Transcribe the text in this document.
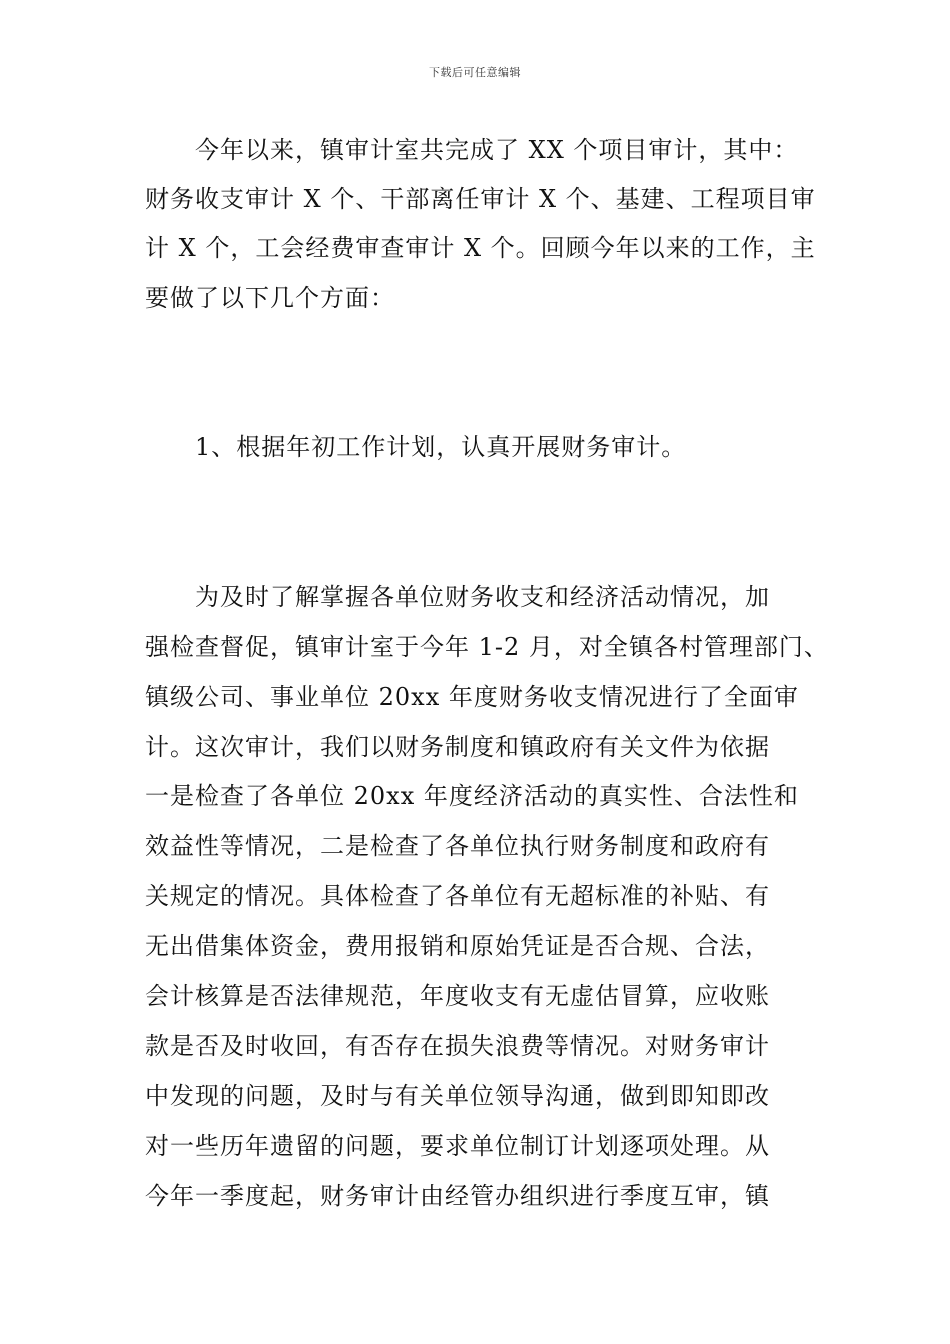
下载后可任意编辑
今年以来，镇审计室共完成了 XX 个项目审计，其中：
财务收支审计 X 个、干部离任审计 X 个、基建、工程项目审
计 X 个，工会经费审查审计 X 个。回顾今年以来的工作，主
要做了以下几个方面：
1、根据年初工作计划，认真开展财务审计。
为及时了解掌握各单位财务收支和经济活动情况，加
强检查督促，镇审计室于今年 1-2 月，对全镇各村管理部门、
镇级公司、事业单位 20xx 年度财务收支情况进行了全面审
计。这次审计，我们以财务制度和镇政府有关文件为依据
一是检查了各单位 20xx 年度经济活动的真实性、合法性和
效益性等情况，二是检查了各单位执行财务制度和政府有
关规定的情况。具体检查了各单位有无超标准的补贴、有
无出借集体资金，费用报销和原始凭证是否合规、合法，
会计核算是否法律规范，年度收支有无虚估冒算，应收账
款是否及时收回，有否存在损失浪费等情况。对财务审计
中发现的问题，及时与有关单位领导沟通，做到即知即改
对一些历年遗留的问题，要求单位制订计划逐项处理。从
今年一季度起，财务审计由经管办组织进行季度互审，镇
